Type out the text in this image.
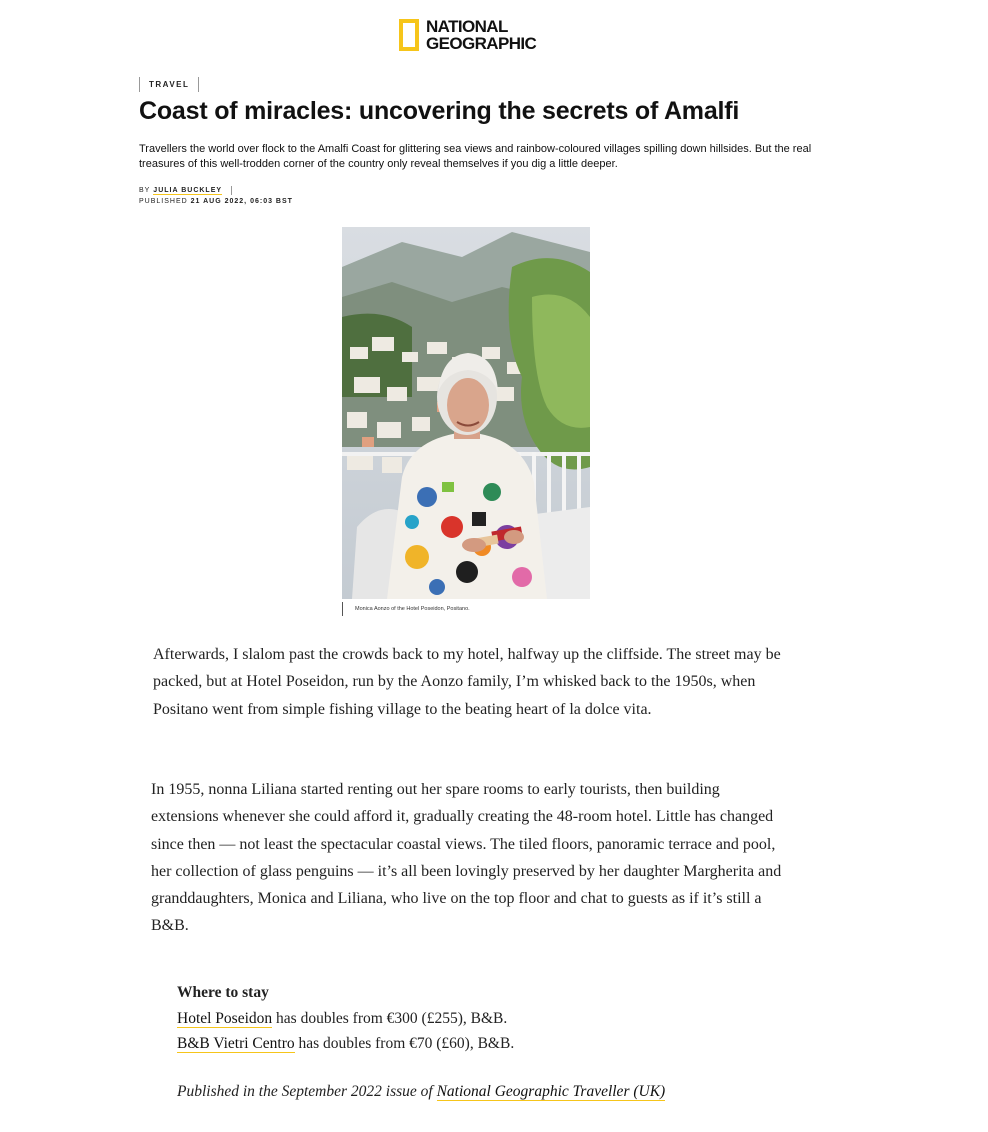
NATIONAL
GEOGRAPHIC
TRAVEL
Coast of miracles: uncovering the secrets of Amalfi

Travellers the world over flock to the Amalfi Coast for glittering sea views and rainbow-coloured villages spilling down hillsides. But the real treasures of this well-trodden corner of the country only reveal themselves if you dig a little deeper.

BY JULIA BUCKLEY
PUBLISHED 21 AUG 2022, 06:03 BST
Monica Aonzo of the Hotel Poseidon, Positano.

Afterwards, I slalom past the crowds back to my hotel, halfway up the cliffside. The street may be packed, but at Hotel Poseidon, run by the Aonzo family, I’m whisked back to the 1950s, when Positano went from simple fishing village to the beating heart of la dolce vita.

In 1955, nonna Liliana started renting out her spare rooms to early tourists, then building extensions whenever she could afford it, gradually creating the 48-room hotel. Little has changed since then — not least the spectacular coastal views. The tiled floors, panoramic terrace and pool, her collection of glass penguins — it’s all been lovingly preserved by her daughter Margherita and granddaughters, Monica and Liliana, who live on the top floor and chat to guests as if it’s still a B&B.

Where to stay
Hotel Poseidon has doubles from €300 (£255), B&B.
B&B Vietri Centro has doubles from €70 (£60), B&B.
Published in the September 2022 issue of National Geographic Traveller (UK)
